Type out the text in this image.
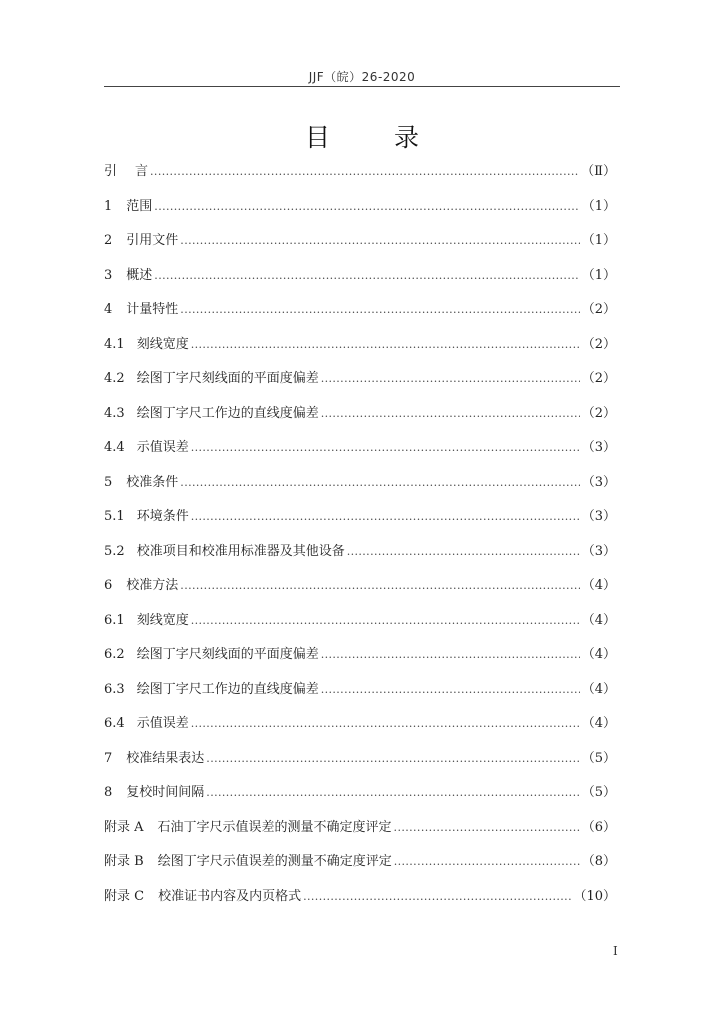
JJF（皖）26-2020
目 录
引 言 .....	（Ⅱ）
1 范围 .....	（1）
2 引用文件 .....	（1）
3 概述 .....	（1）
4 计量特性 .....	（2）
4.1 刻线宽度 .....	（2）
4.2 绘图丁字尺刻线面的平面度偏差 .....	（2）
4.3 绘图丁字尺工作边的直线度偏差 .....	（2）
4.4 示值误差 .....	（3）
5 校准条件 .....	（3）
5.1 环境条件 .....	（3）
5.2 校准项目和校准用标准器及其他设备 .....	（3）
6 校准方法 .....	（4）
6.1 刻线宽度 .....	（4）
6.2 绘图丁字尺刻线面的平面度偏差 .....	（4）
6.3 绘图丁字尺工作边的直线度偏差 .....	（4）
6.4 示值误差 .....	（4）
7 校准结果表达 .....	（5）
8 复校时间间隔 .....	（5）
附录 A 石油丁字尺示值误差的测量不确定度评定 .....	（6）
附录 B 绘图丁字尺示值误差的测量不确定度评定 .....	（8）
附录 C 校准证书内容及内页格式 .....	（10）
I
